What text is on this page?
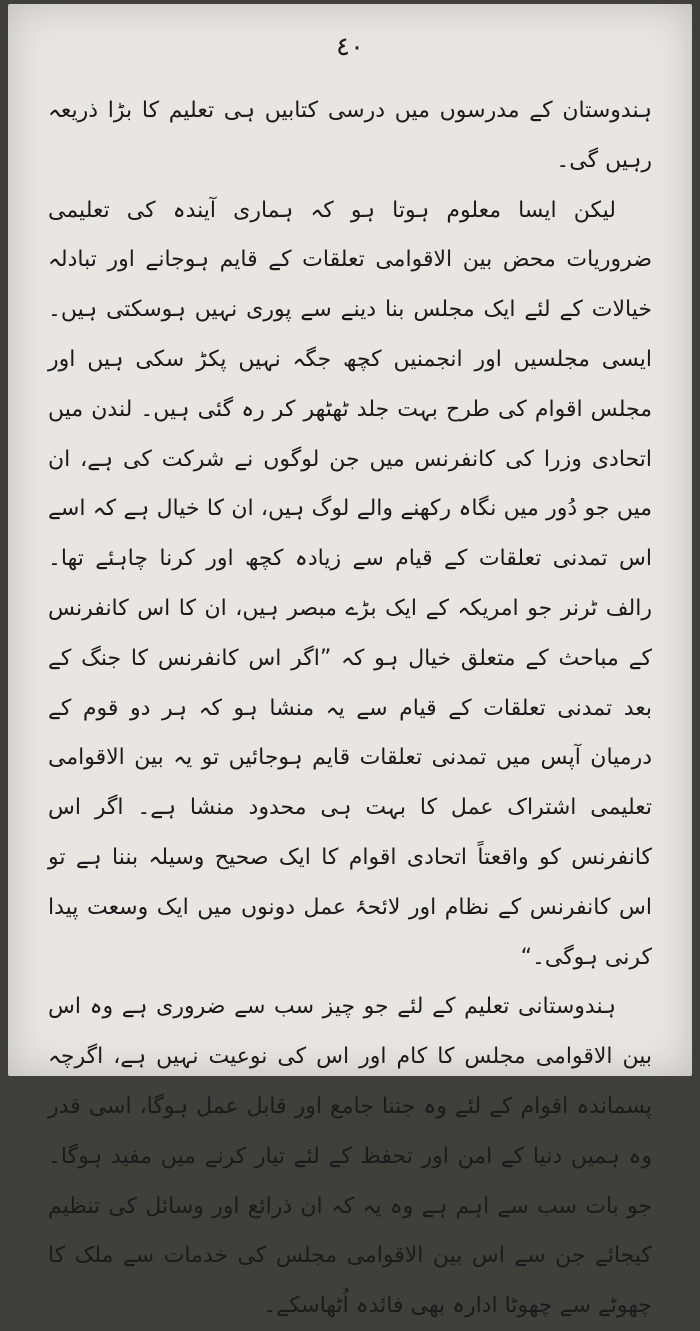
٤٠

ہندوستان کے مدرسوں میں درسی کتابیں ہی تعلیم کا بڑا ذریعہ رہیں گی۔

لیکن ایسا معلوم ہوتا ہو کہ ہماری آیندہ کی تعلیمی ضروریات محض بین الاقوامی تعلقات کے قایم ہوجانے اور تبادلہ خیالات کے لئے ایک مجلس بنا دینے سے پوری نہیں ہوسکتی ہیں۔ ایسی مجلسیں اور انجمنیں کچھ جگہ نہیں پکڑ سکی ہیں اور مجلس اقوام کی طرح بہت جلد ٹھٹھر کر رہ گئی ہیں۔ لندن میں اتحادی وزرا کی کانفرنس میں جن لوگوں نے شرکت کی ہے، ان میں جو دُور میں نگاہ رکھنے والے لوگ ہیں، ان کا خیال ہے کہ اسے اس تمدنی تعلقات کے قیام سے زیادہ کچھ اور کرنا چاہئے تھا۔ رالف ٹرنر جو امریکہ کے ایک بڑے مبصر ہیں، ان کا اس کانفرنس کے مباحث کے متعلق خیال ہو کہ ”اگر اس کانفرنس کا جنگ کے بعد تمدنی تعلقات کے قیام سے یہ منشا ہو کہ ہر دو قوم کے درمیان آپس میں تمدنی تعلقات قایم ہوجائیں تو یہ بین الاقوامی تعلیمی اشتراک عمل کا بہت ہی محدود منشا ہے۔ اگر اس کانفرنس کو واقعتاً اتحادی اقوام کا ایک صحیح وسیلہ بننا ہے تو اس کانفرنس کے نظام اور لائحۂ عمل دونوں میں ایک وسعت پیدا کرنی ہوگی۔“

ہندوستانی تعلیم کے لئے جو چیز سب سے ضروری ہے وہ اس بین الاقوامی مجلس کا کام اور اس کی نوعیت نہیں ہے، اگرچہ پسماندہ اقوام کے لئے وہ جتنا جامع اور قابل عمل ہوگا، اسی قدر وہ ہمیں دنیا کے امن اور تحفظ کے لئے تیار کرنے میں مفید ہوگا۔ جو بات سب سے اہم ہے وہ یہ کہ ان ذرائع اور وسائل کی تنظیم کیجائے جن سے اس بین الاقوامی مجلس کی خدمات سے ملک کا چھوٹے سے چھوٹا ادارہ بھی فائدہ اُٹھاسکے۔
